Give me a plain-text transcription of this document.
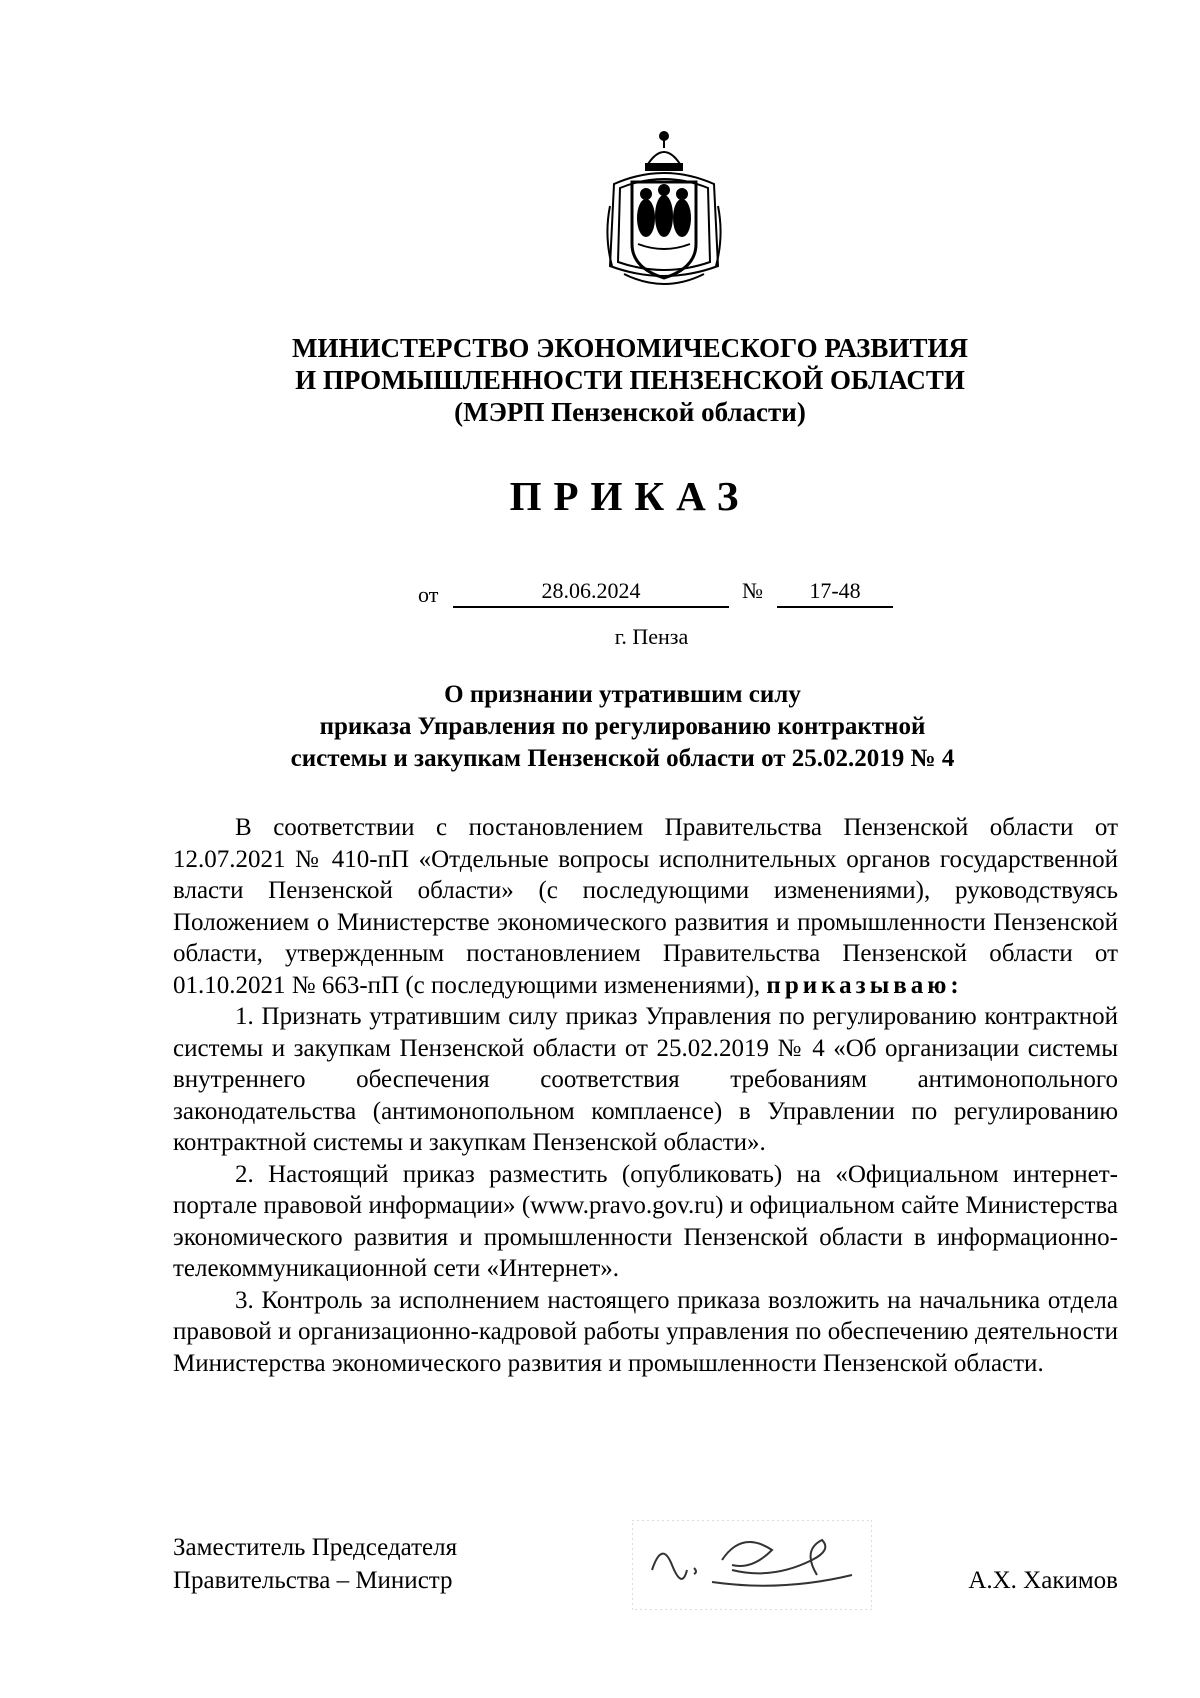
МИНИСТЕРСТВО ЭКОНОМИЧЕСКОГО РАЗВИТИЯ
И ПРОМЫШЛЕННОСТИ ПЕНЗЕНСКОЙ ОБЛАСТИ
(МЭРП Пензенской области)
ПРИКАЗ
от	28.06.2024	№	17-48
г. Пенза
О признании утратившим силу
приказа Управления по регулированию контрактной
системы и закупкам Пензенской области от 25.02.2019 № 4

В соответствии с постановлением Правительства Пензенской области от 12.07.2021 № 410-пП «Отдельные вопросы исполнительных органов государственной власти Пензенской области» (с последующими изменениями), руководствуясь Положением о Министерстве экономического развития и промышленности Пензенской области, утвержденным постановлением Правительства Пензенской области от 01.10.2021 № 663-пП (с последующими изменениями), приказываю:

1. Признать утратившим силу приказ Управления по регулированию контрактной системы и закупкам Пензенской области от 25.02.2019 № 4 «Об организации системы внутреннего обеспечения соответствия требованиям антимонопольного законодательства (антимонопольном комплаенсе) в Управлении по регулированию контрактной системы и закупкам Пензенской области».

2. Настоящий приказ разместить (опубликовать) на «Официальном интернет-портале правовой информации» (www.pravo.gov.ru) и официальном сайте Министерства экономического развития и промышленности Пензенской области в информационно-телекоммуникационной сети «Интернет».

3. Контроль за исполнением настоящего приказа возложить на начальника отдела правовой и организационно-кадровой работы управления по обеспечению деятельности Министерства экономического развития и промышленности Пензенской области.

Заместитель Председателя
Правительства – Министр	А.Х. Хакимов
